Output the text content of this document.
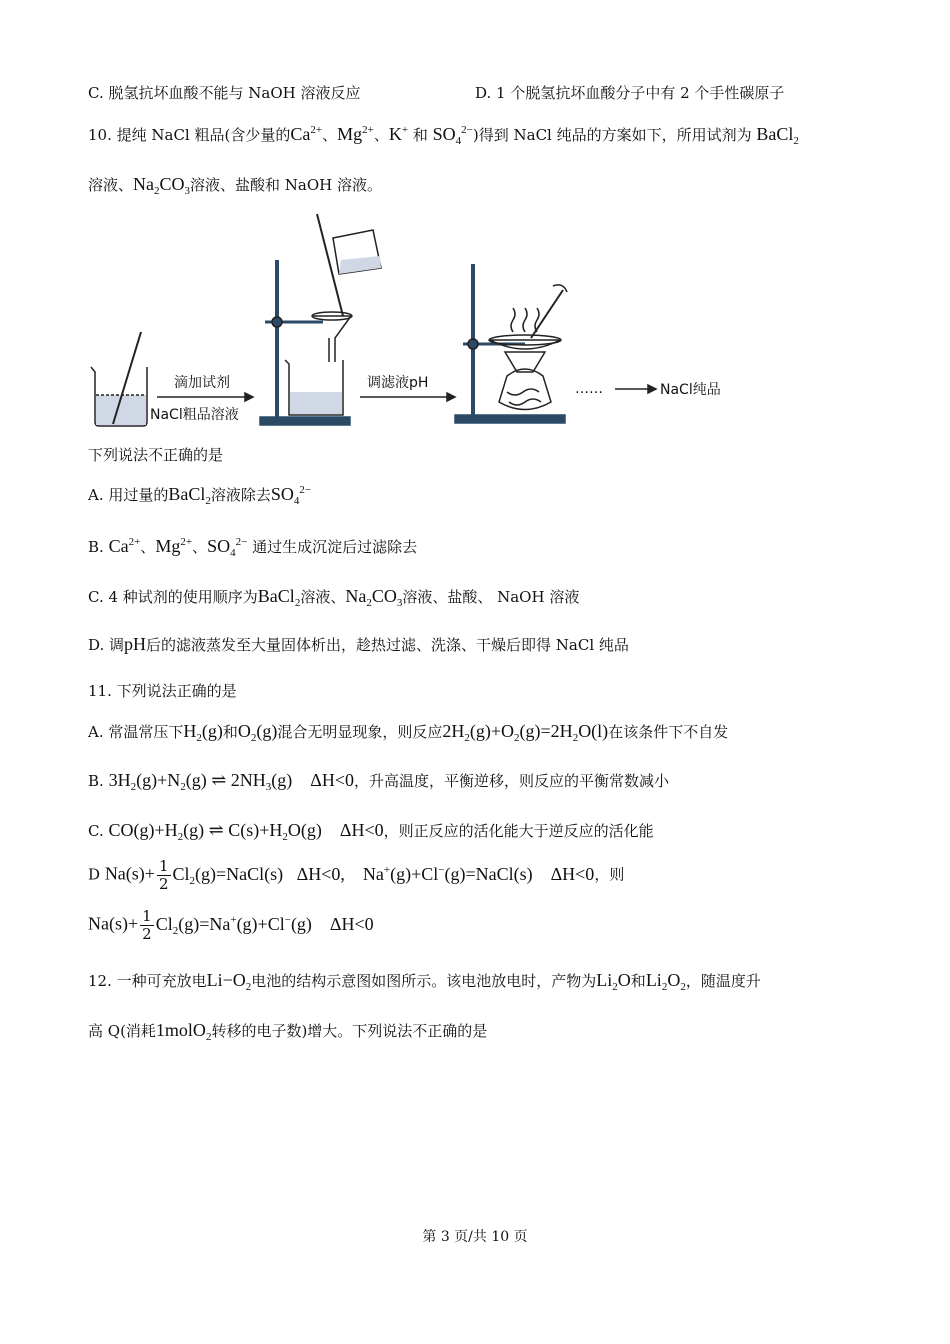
C. 脱氢抗坏血酸不能与 NaOH 溶液反应	D. 1 个脱氢抗坏血酸分子中有 2 个手性碳原子
10. 提纯 NaCl 粗品(含少量的$Ca^{2+}$、$Mg^{2+}$、K+ 和 $SO_4^{2-}$)得到 NaCl 纯品的方案如下，所用试剂为 BaCl$_2$
溶液、$Na_2CO_3$溶液、盐酸和 NaOH 溶液。
滴加试剂
NaCl粗品溶液
调滤液pH	……	NaCl纯品
下列说法不正确的是
A. 用过量的BaCl$_2$溶液除去$SO_4^{2-}$
B. $Ca^{2+}$、$Mg^{2+}$、$SO_4^{2-}$ 通过生成沉淀后过滤除去
C. 4 种试剂的使用顺序为BaCl$_2$溶液、$Na_2CO_3$溶液、盐酸、 NaOH 溶液
D. 调pH后的滤液蒸发至大量固体析出，趁热过滤、洗涤、干燥后即得 NaCl 纯品
11. 下列说法正确的是
A. 常温常压下$H_2(g)$和$O_2(g)$混合无明显现象，则反应$2H_2(g)+O_2(g)=2H_2O(l)$在该条件下不自发
B. $3H_2(g)+N_2(g)$ ⇌ $2NH_3(g)$    ΔH<0，升高温度，平衡逆移，则反应的平衡常数减小
C. $CO(g)+H_2(g)$ ⇌ $C(s)+H_2O(g)$    ΔH<0，则正反应的活化能大于逆反应的活化能
D $Na(s)+ \frac{1}{2}$ $Cl_2(g)=NaCl(s)$   ΔH<0,    Na+(g)+Cl−(g)=NaCl(s)    ΔH<0，则
$Na(s)+ \frac{1}{2} Cl_2(g)=Na^+(g)+Cl^-(g)$    ΔH<0
12. 一种可充放电$Li-O_2$电池的结构示意图如图所示。该电池放电时，产物为$Li_2O$和$Li_2O_2$，随温度升
高 Q(消耗1molO$_2$转移的电子数)增大。下列说法不正确的是
第 3 页/共 10 页
